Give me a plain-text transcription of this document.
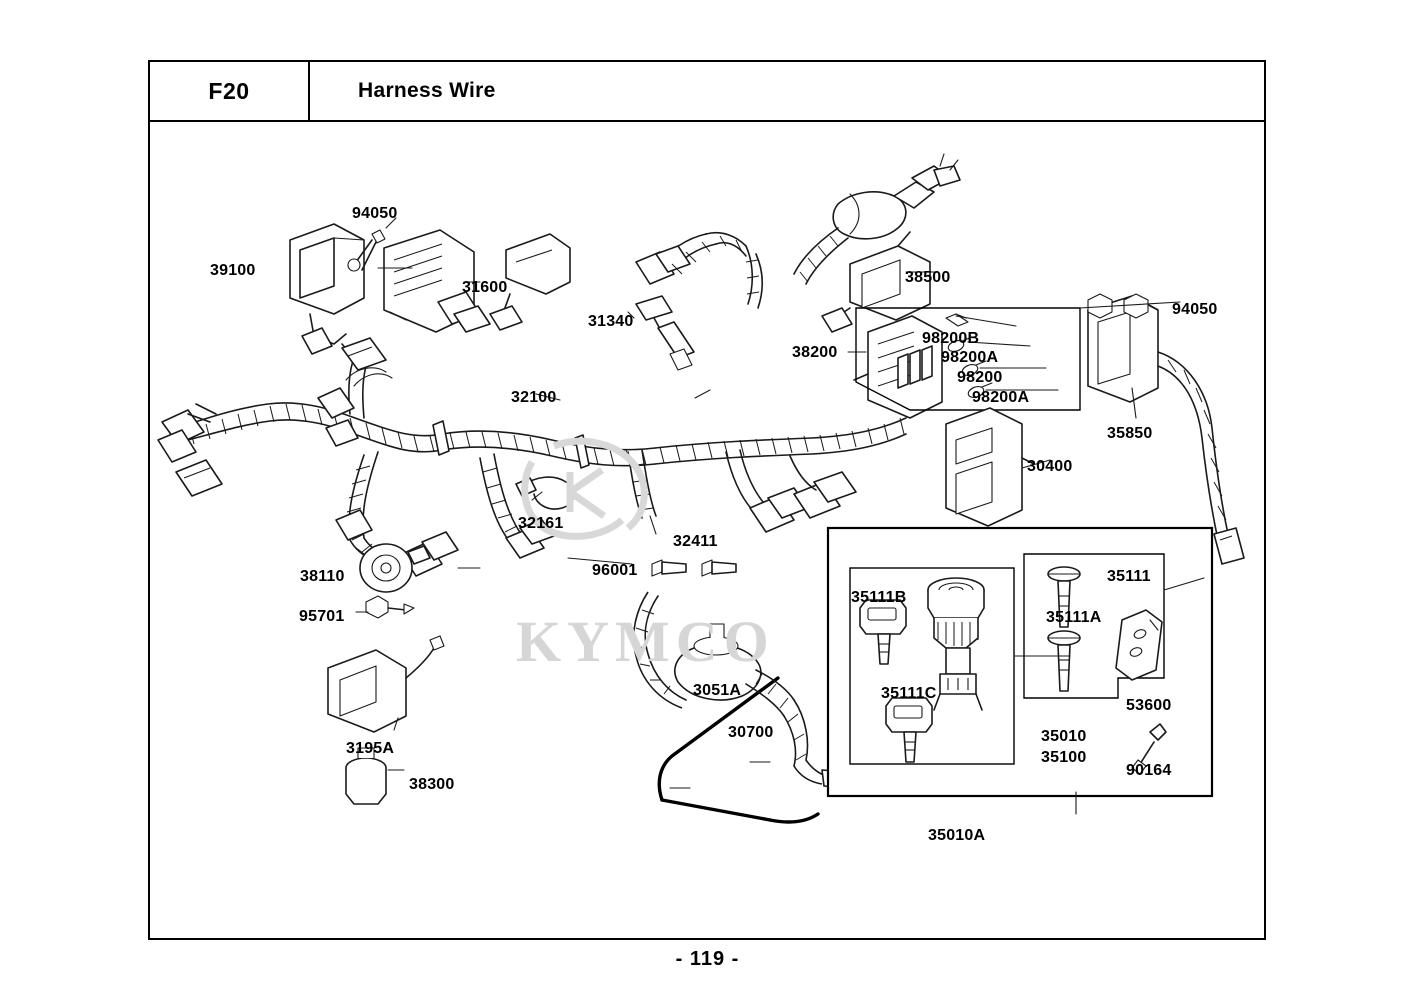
F20	Harness Wire
KYMCO
94050
39100
31600
31340
38500
38200
98200B
98200A
98200
98200A
94050
35850
32100
30400
32161
32411
96001
38110
95701
3195A
38300
3051A
30700
35111B
35111C
35111
35111A
53600
35010
35100
90164
35010A
- 119 -
